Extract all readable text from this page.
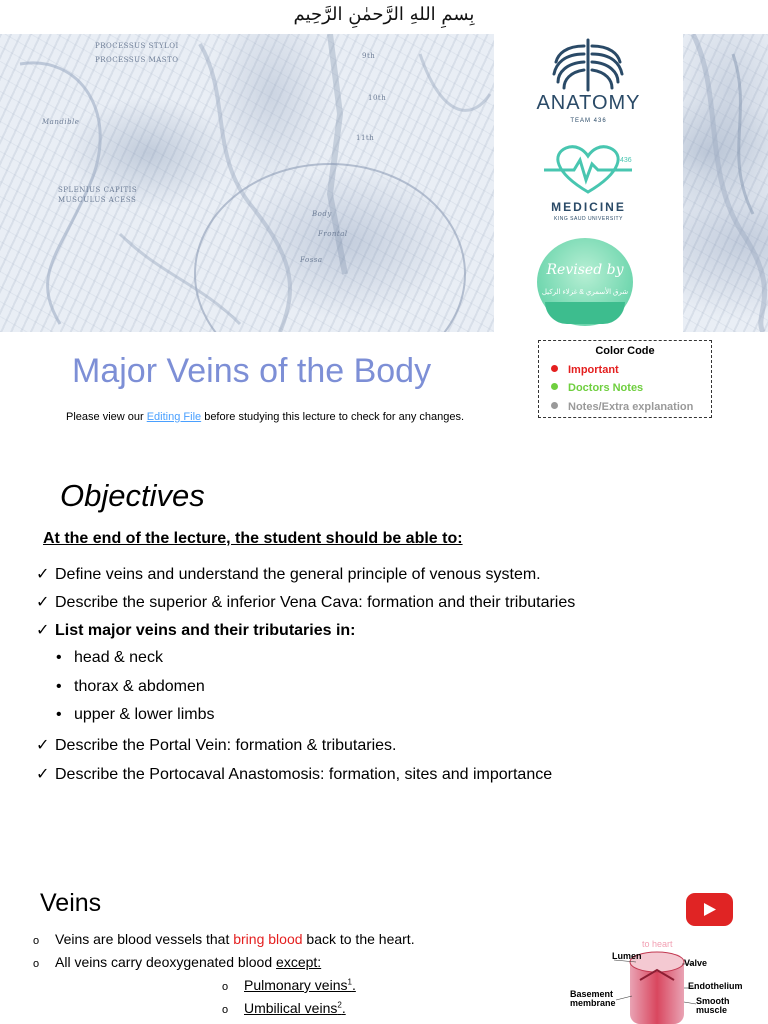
بِسمِ اللهِ الرَّحمٰنِ الرَّحِيم
PROCESSUS STYLOI
PROCESSUS MASTO
Mandible
SPLENIUS CAPITIS
MUSCULUS ACESS
9th
10th
11th
Body
Frontal
Fossa
ANATOMY
TEAM 436
436
MEDICINE
KING SAUD UNIVERSITY
Revised by
شرق الأسمري & غزلاء الركيل
Major Veins of the Body
Please view our Editing File before studying this lecture to check for any changes.
Color Code
Important
Doctors Notes
Notes/Extra explanation
Objectives
At the end of the lecture, the student should be able to:
✓ Define veins and understand the general principle of venous system.
✓ Describe the superior & inferior Vena Cava: formation and their tributaries
✓ List major veins and their tributaries in:
• head & neck
• thorax & abdomen
• upper & lower limbs
✓ Describe the Portal Vein: formation & tributaries.
✓ Describe the Portocaval Anastomosis: formation, sites and importance
Veins
o Veins are blood vessels that bring blood back to the heart.
o All veins carry deoxygenated blood except:
o Pulmonary veins$^1$.
o Umbilical veins$^2$.
to heart
Lumen
Valve
Endothelium
Basement
membrane	Smooth
muscle
